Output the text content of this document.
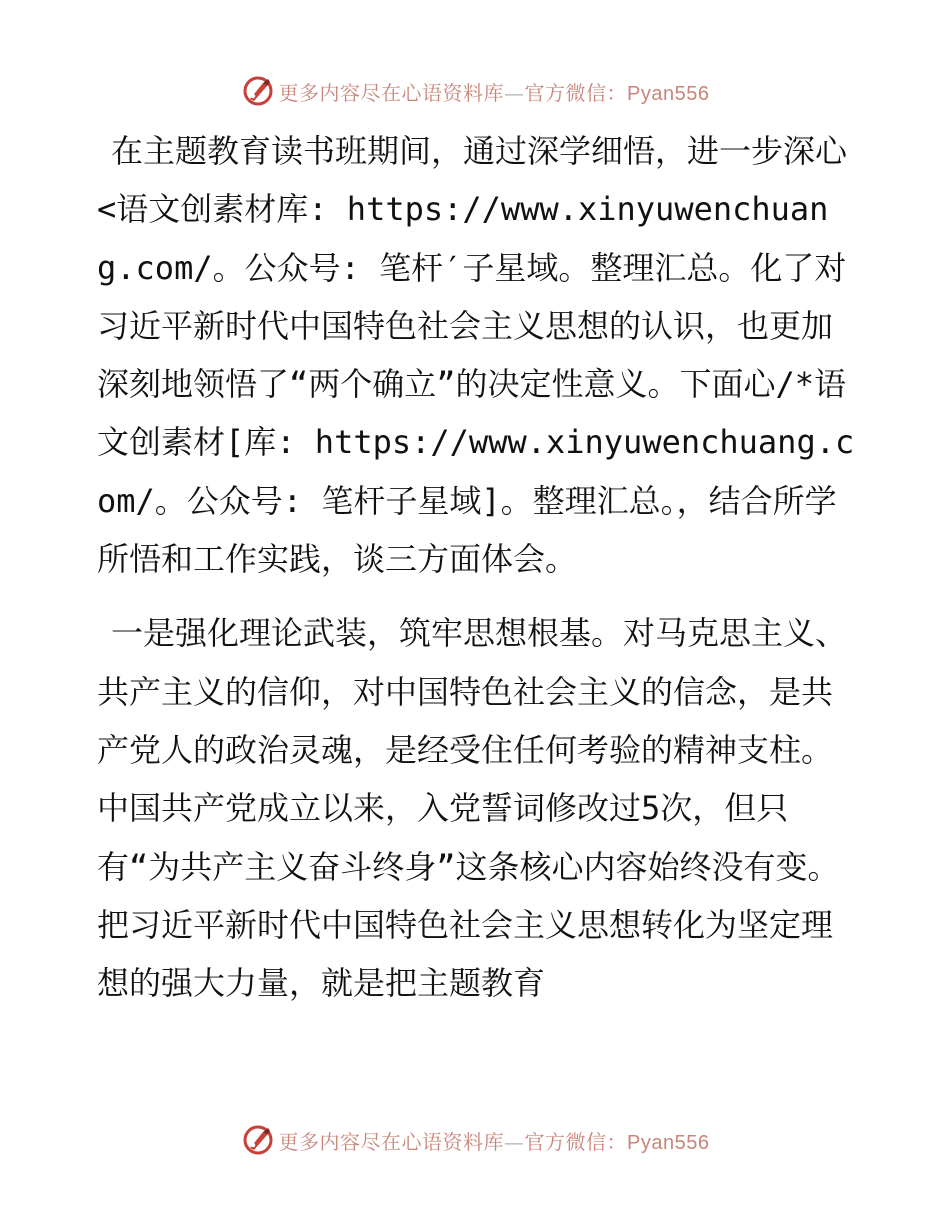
更多内容尽在心语资料库—官方微信：Pyan556

在主题教育读书班期间，通过深学细悟，进一步深心<语文创素材库: https://www.xinyuwenchuang.com/。公众号: 笔杆′子星域。整理汇总。化了对习近平新时代中国特色社会主义思想的认识，也更加深刻地领悟了“两个确立”的决定性意义。下面心/*语文创素材[库: https://www.xinyuwenchuang.com/。公众号: 笔杆子星域]。整理汇总。，结合所学所悟和工作实践，谈三方面体会。

一是强化理论武装，筑牢思想根基。对马克思主义、共产主义的信仰，对中国特色社会主义的信念，是共产党人的政治灵魂，是经受住任何考验的精神支柱。中国共产党成立以来，入党誓词修改过5次，但只有“为共产主义奋斗终身”这条核心内容始终没有变。把习近平新时代中国特色社会主义思想转化为坚定理想的强大力量，就是把主题教育

更多内容尽在心语资料库—官方微信：Pyan556
